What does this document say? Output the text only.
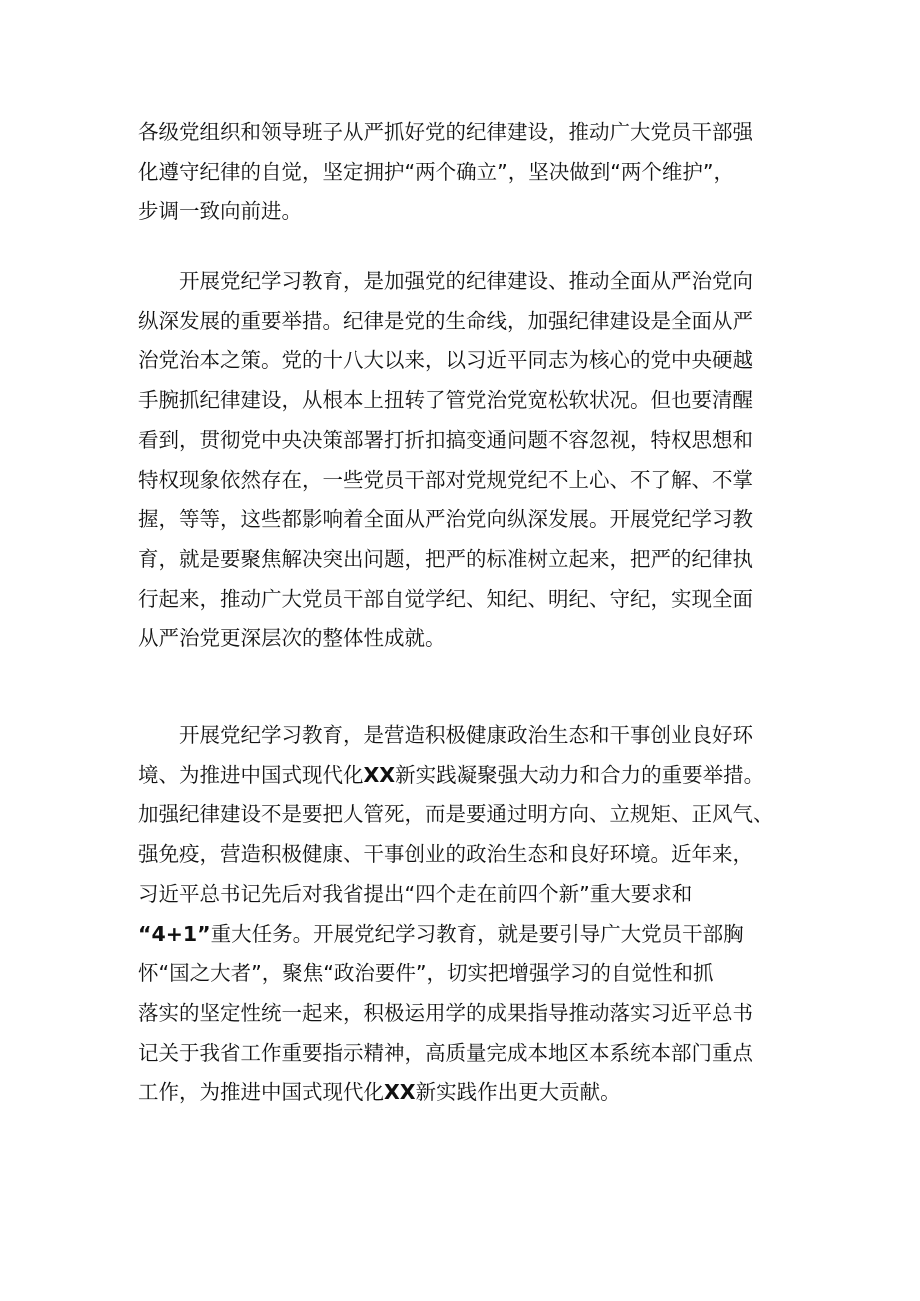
各级党组织和领导班子从严抓好党的纪律建设，推动广大党员干部强
化遵守纪律的自觉，坚定拥护“两个确立”，坚决做到“两个维护”，
步调一致向前进。
　　开展党纪学习教育，是加强党的纪律建设、推动全面从严治党向
纵深发展的重要举措。纪律是党的生命线，加强纪律建设是全面从严
治党治本之策。党的十八大以来，以习近平同志为核心的党中央硬越
手腕抓纪律建设，从根本上扭转了管党治党宽松软状况。但也要清醒
看到，贯彻党中央决策部署打折扣搞变通问题不容忽视，特权思想和
特权现象依然存在，一些党员干部对党规党纪不上心、不了解、不掌
握，等等，这些都影响着全面从严治党向纵深发展。开展党纪学习教
育，就是要聚焦解决突出问题，把严的标准树立起来，把严的纪律执
行起来，推动广大党员干部自觉学纪、知纪、明纪、守纪，实现全面
从严治党更深层次的整体性成就。
　　开展党纪学习教育，是营造积极健康政治生态和干事创业良好环
境、为推进中国式现代化XX新实践凝聚强大动力和合力的重要举措。
加强纪律建设不是要把人管死，而是要通过明方向、立规矩、正风气、
强免疫，营造积极健康、干事创业的政治生态和良好环境。近年来，
习近平总书记先后对我省提出“四个走在前四个新”重大要求和
“4+1”重大任务。开展党纪学习教育，就是要引导广大党员干部胸
怀“国之大者”，聚焦“政治要件”，切实把增强学习的自觉性和抓
落实的坚定性统一起来，积极运用学的成果指导推动落实习近平总书
记关于我省工作重要指示精神，高质量完成本地区本系统本部门重点
工作，为推进中国式现代化XX新实践作出更大贡献。
